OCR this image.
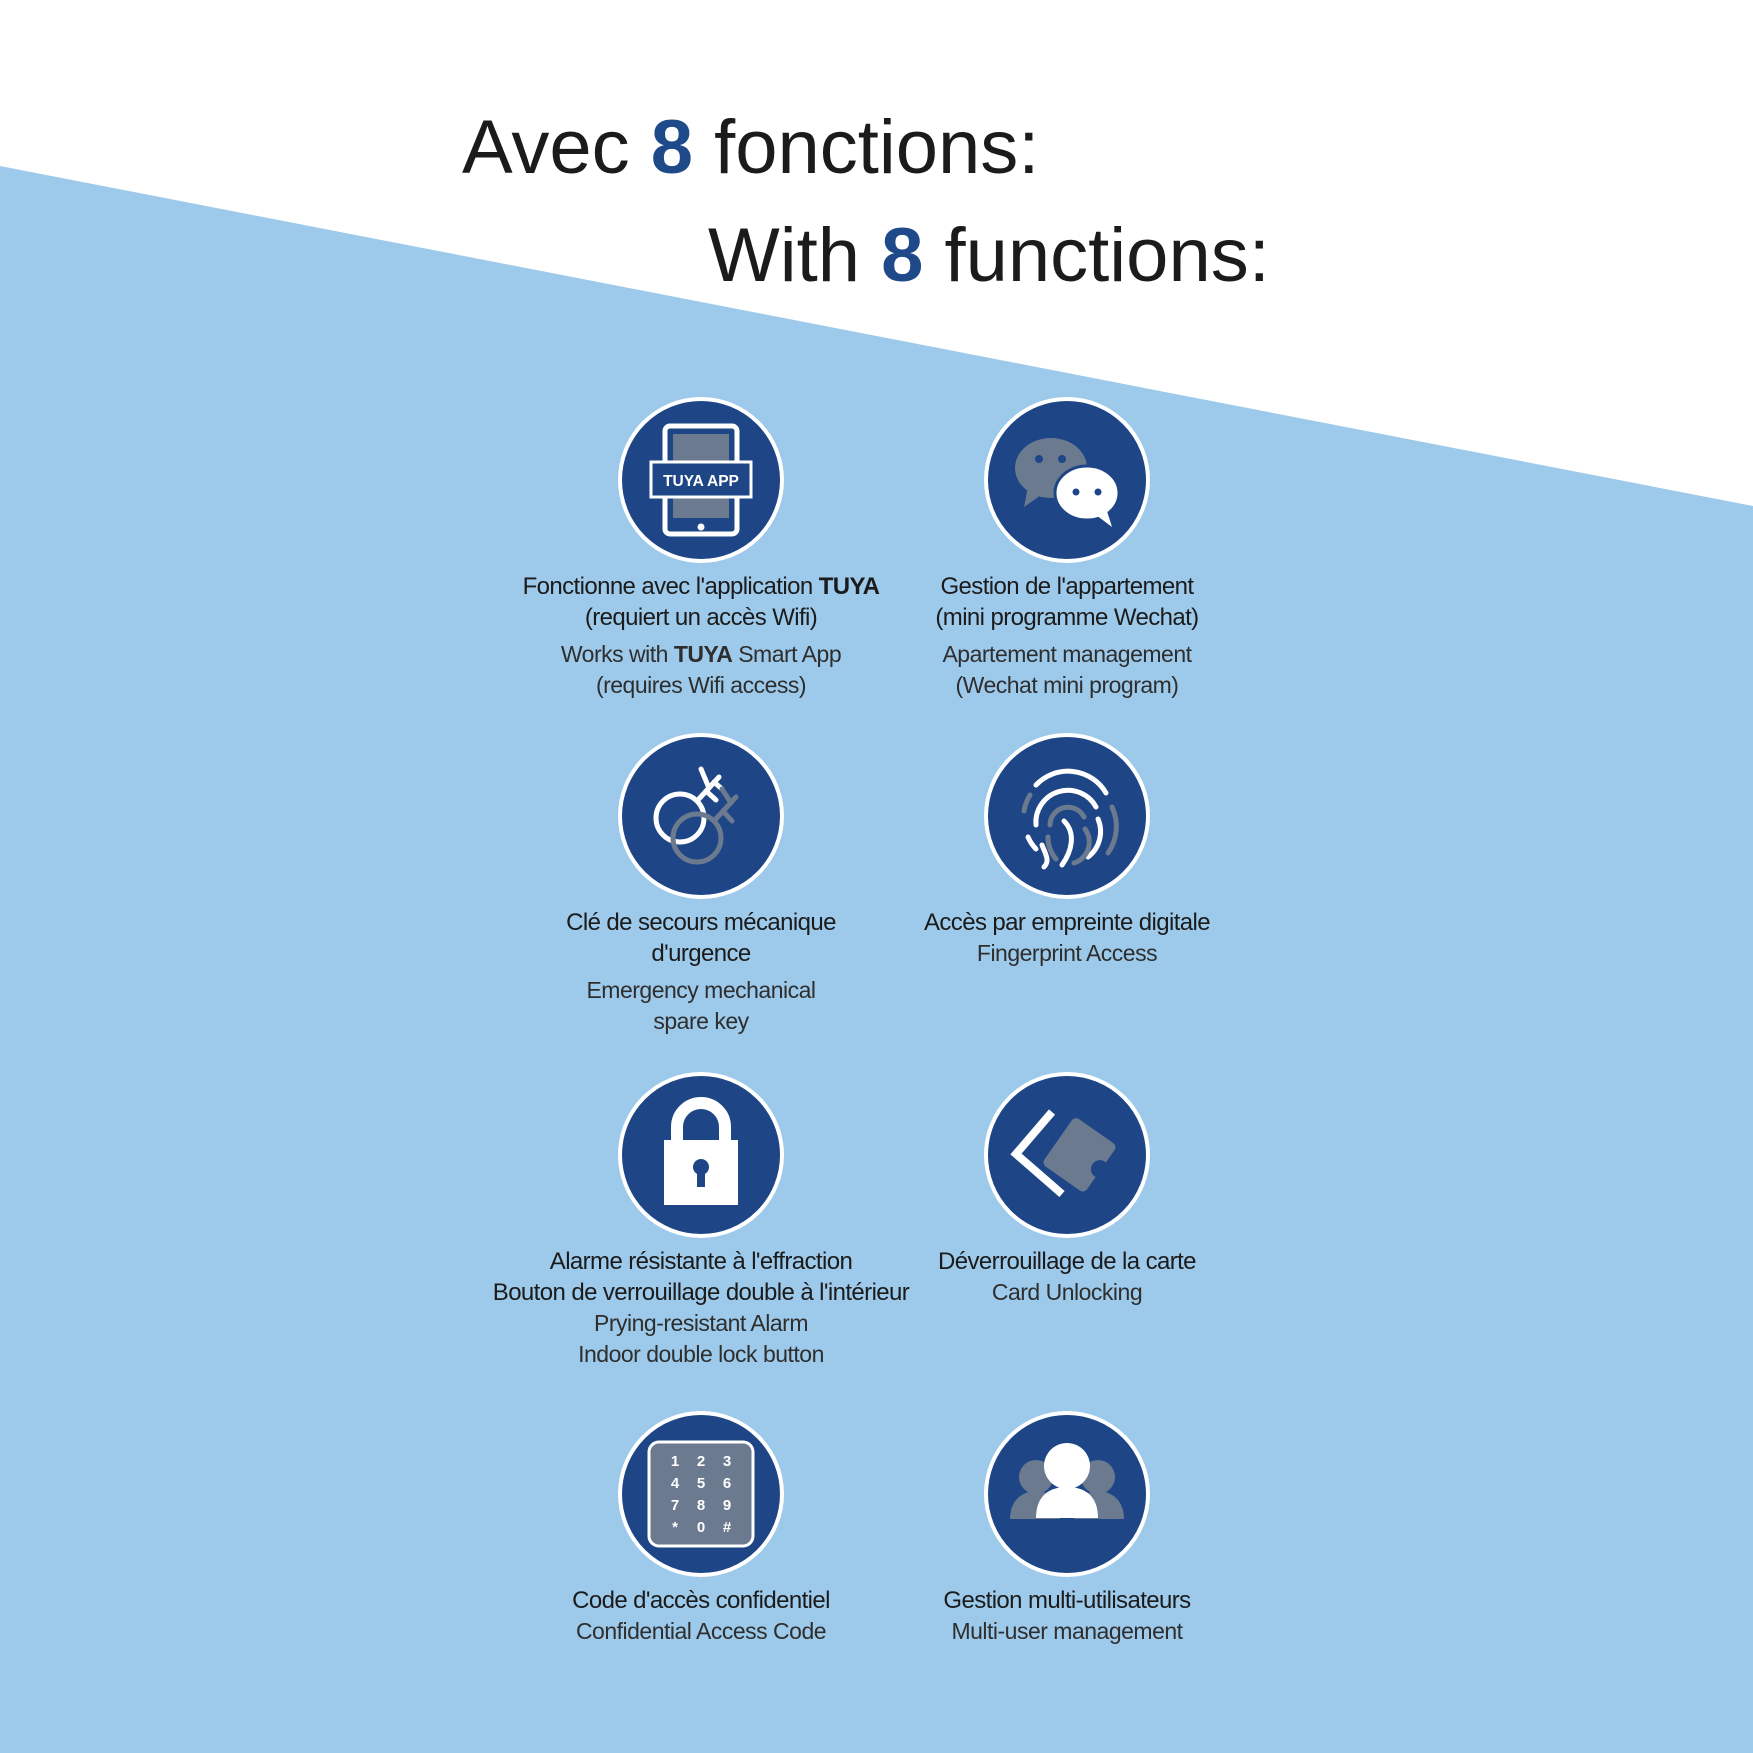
Avec 8 fonctions:
With 8 functions:
TUYA APP

Fonctionne avec l'application TUYA

(requiert un accès Wifi)

Works with TUYA Smart App

(requires Wifi access)

Gestion de l'appartement

(mini programme Wechat)

Apartement management

(Wechat mini program)

Clé de secours mécanique

d'urgence

Emergency mechanical

spare key

Accès par empreinte digitale

Fingerprint Access

Alarme résistante à l'effraction

Bouton de verrouillage double à l'intérieur

Prying-resistant Alarm

Indoor double lock button

Déverrouillage de la carte

Card Unlocking

1 2 3
4 5 6
7 8 9
* 0 #

Code d'accès confidentiel

Confidential Access Code

Gestion multi-utilisateurs

Multi-user management
